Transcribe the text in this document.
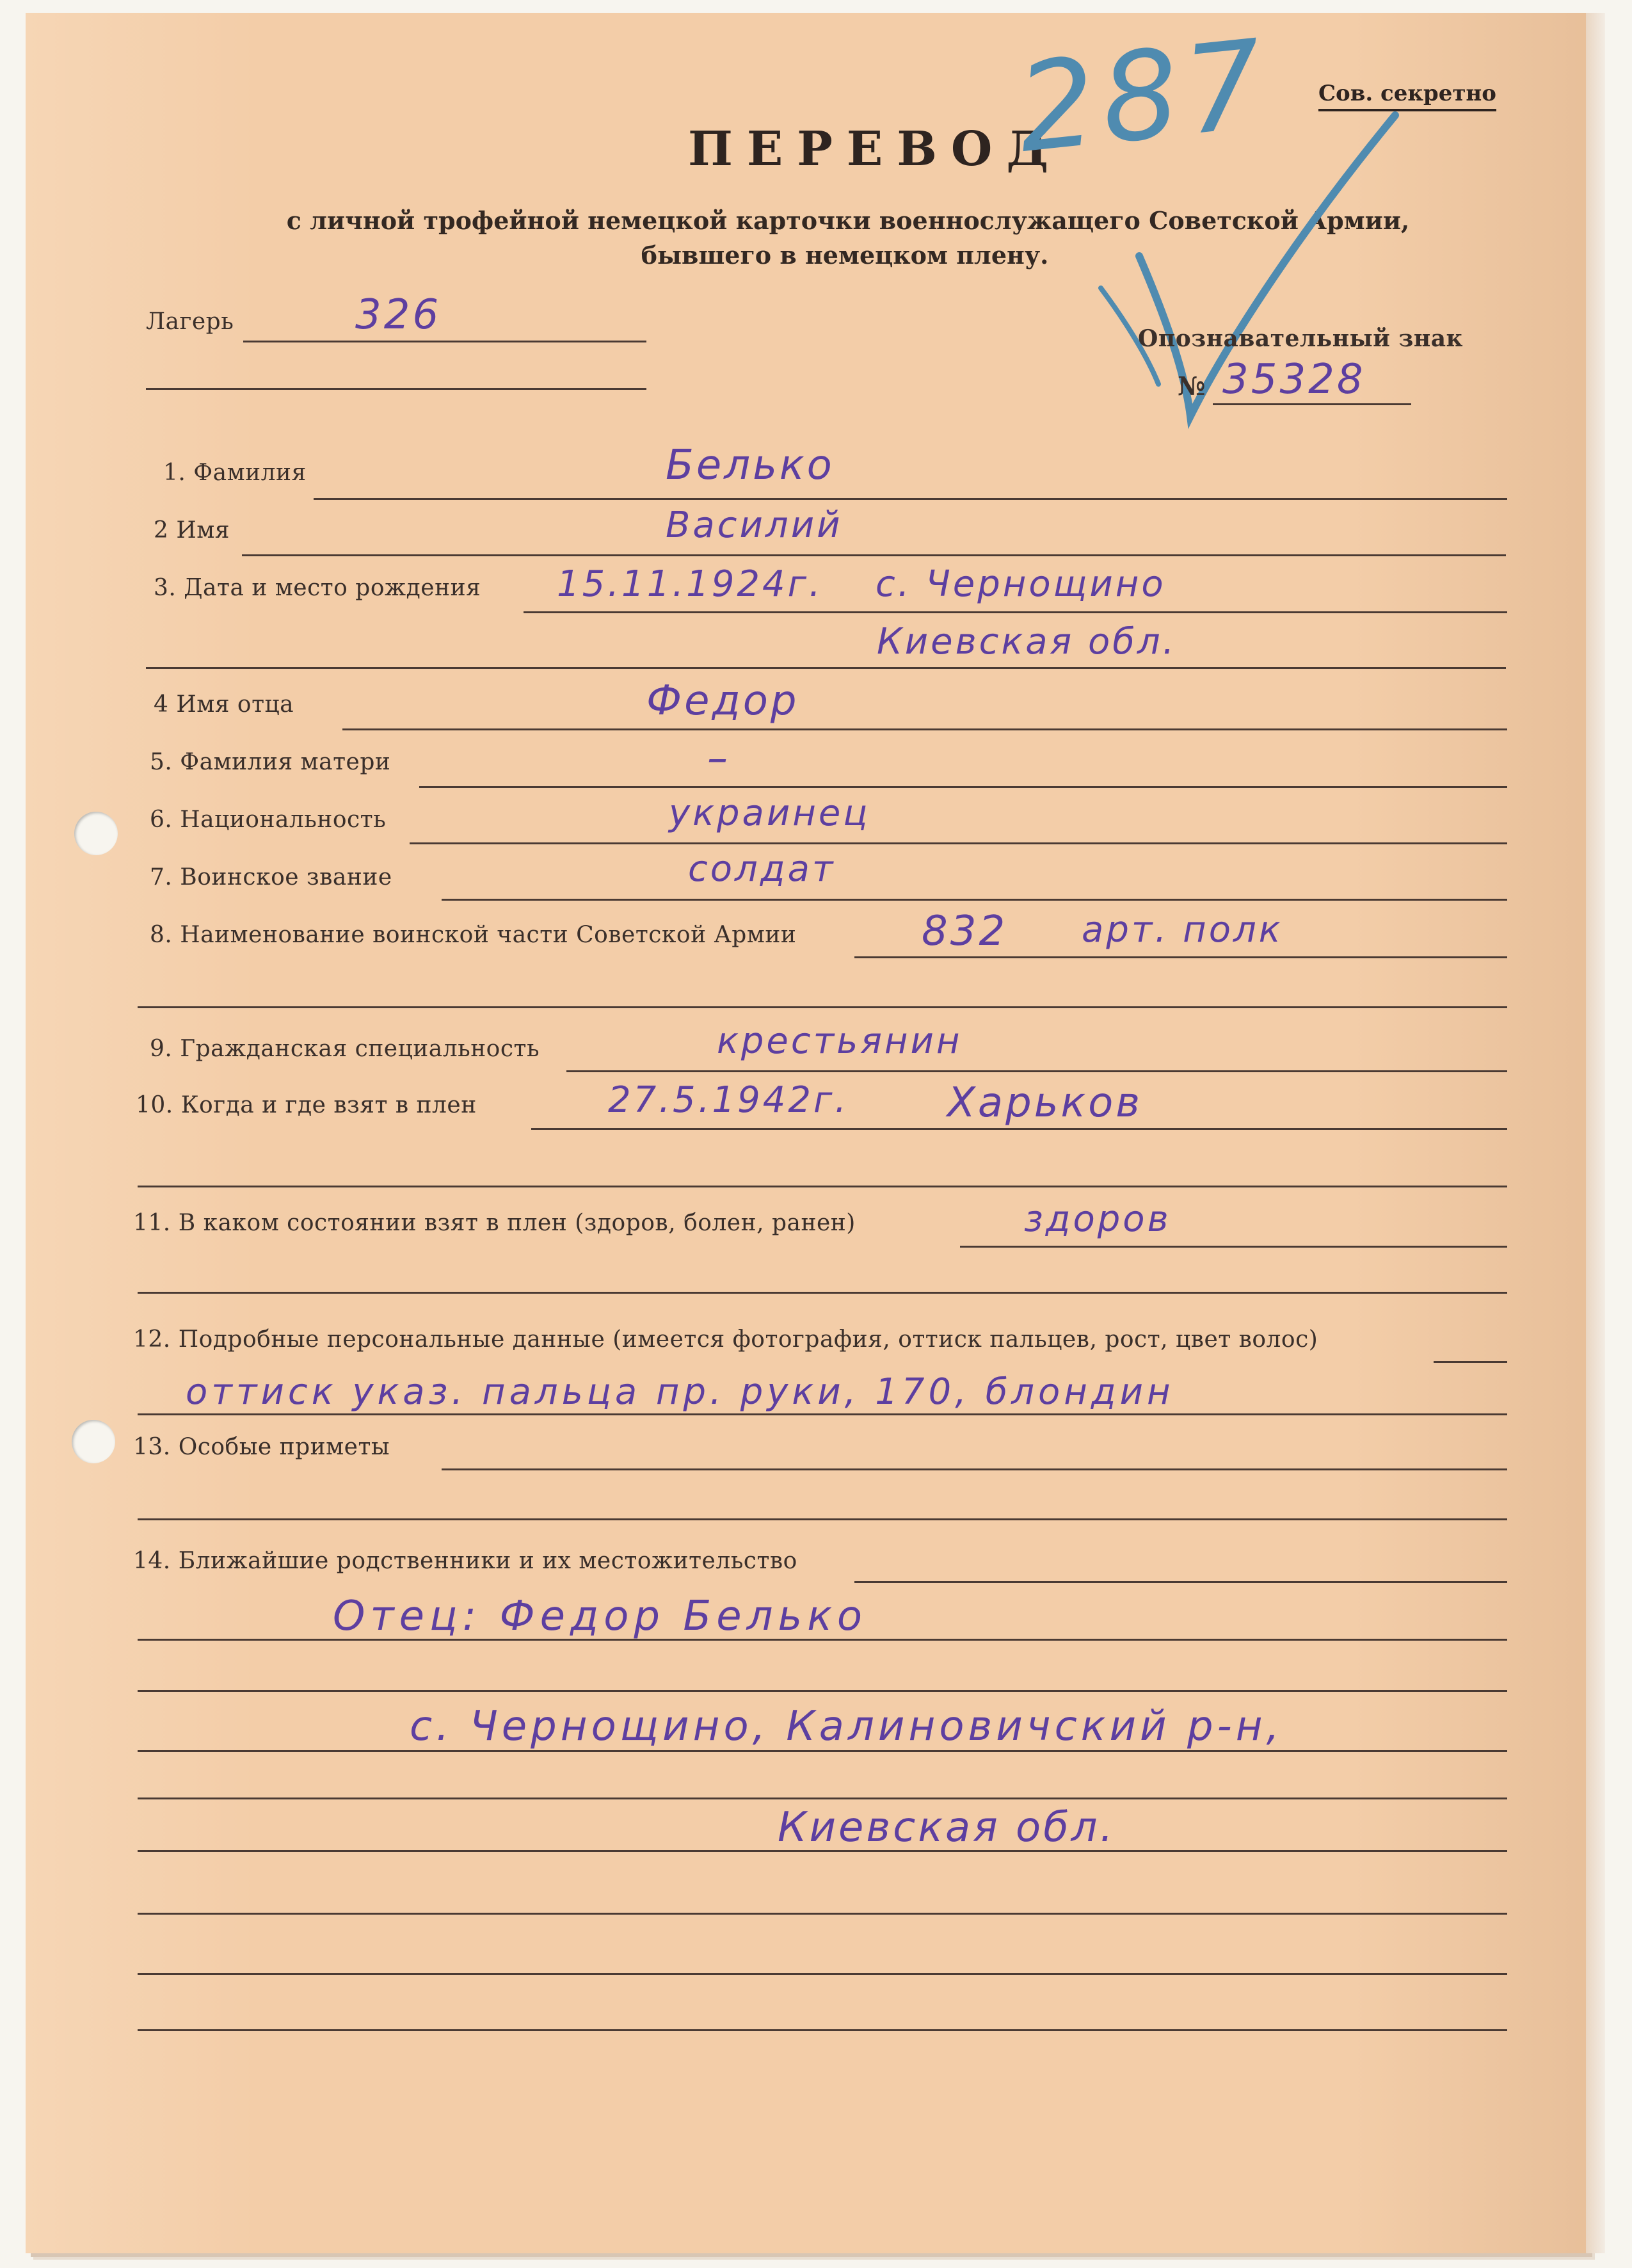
Сов. секретно
ПЕРЕВОД
с личной трофейной немецкой карточки военнослужащего Советской Армии,
бывшего в немецком плену.
287
Лагерь	326	Опознавательный знак
№ 35328
1. Фамилия	Белько
2 Имя	Василий
3. Дата и место рождения 15.11.1924г. с. Чернощино
Киевская обл.
4 Имя отца	Федор
5. Фамилия матери	–
6. Национальность	украинец
7. Воинское звание	солдат
8. Наименование воинской части Советской Армии	832 арт. полк
9. Гражданская специальность	крестьянин
10. Когда и где взят в плен	27.5.1942г. Харьков
11. В каком состоянии взят в плен (здоров, болен, ранен)	здоров
12. Подробные персональные данные (имеется фотография, оттиск пальцев, рост, цвет волос)
оттиск указ. пальца пр. руки, 170, блондин
13. Особые приметы
14. Ближайшие родственники и их местожительство
Отец: Федор Белько
с. Чернощино, Калиновичский р-н,
Киевская обл.
